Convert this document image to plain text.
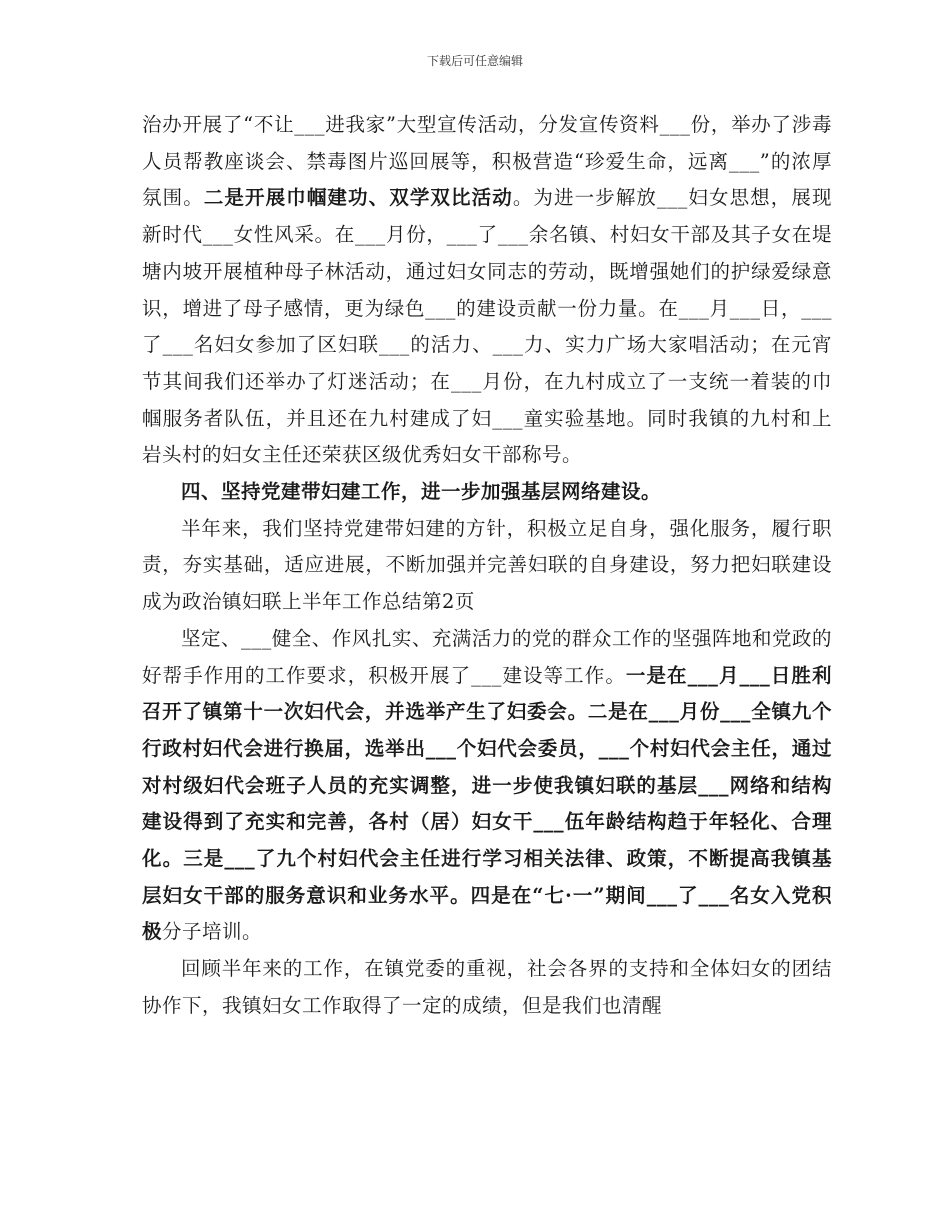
下载后可任意编辑

治办开展了“不让___进我家”大型宣传活动，分发宣传资料___份，举办了涉毒人员帮教座谈会、禁毒图片巡回展等，积极营造“珍爱生命，远离___”的浓厚氛围。二是开展巾帼建功、双学双比活动。为进一步解放___妇女思想，展现新时代___女性风采。在___月份，___了___余名镇、村妇女干部及其子女在堤塘内坡开展植种母子林活动，通过妇女同志的劳动，既增强她们的护绿爱绿意识，增进了母子感情，更为绿色___的建设贡献一份力量。在___月___日，___了___名妇女参加了区妇联___的活力、___力、实力广场大家唱活动；在元宵节其间我们还举办了灯迷活动；在___月份，在九村成立了一支统一着装的巾帼服务者队伍，并且还在九村建成了妇___童实验基地。同时我镇的九村和上岩头村的妇女主任还荣获区级优秀妇女干部称号。

四、坚持党建带妇建工作，进一步加强基层网络建设。

半年来，我们坚持党建带妇建的方针，积极立足自身，强化服务，履行职责，夯实基础，适应进展，不断加强并完善妇联的自身建设，努力把妇联建设成为政治镇妇联上半年工作总结第2页

坚定、___健全、作风扎实、充满活力的党的群众工作的坚强阵地和党政的好帮手作用的工作要求，积极开展了___建设等工作。一是在___月___日胜利召开了镇第十一次妇代会，并选举产生了妇委会。二是在___月份___全镇九个行政村妇代会进行换届，选举出___个妇代会委员，___个村妇代会主任，通过对村级妇代会班子人员的充实调整，进一步使我镇妇联的基层___网络和结构建设得到了充实和完善，各村（居）妇女干___伍年龄结构趋于年轻化、合理化。三是___了九个村妇代会主任进行学习相关法律、政策，不断提高我镇基层妇女干部的服务意识和业务水平。四是在“七·一”期间___了___名女入党积极分子培训。

回顾半年来的工作，在镇党委的重视，社会各界的支持和全体妇女的团结协作下，我镇妇女工作取得了一定的成绩，但是我们也清醒
